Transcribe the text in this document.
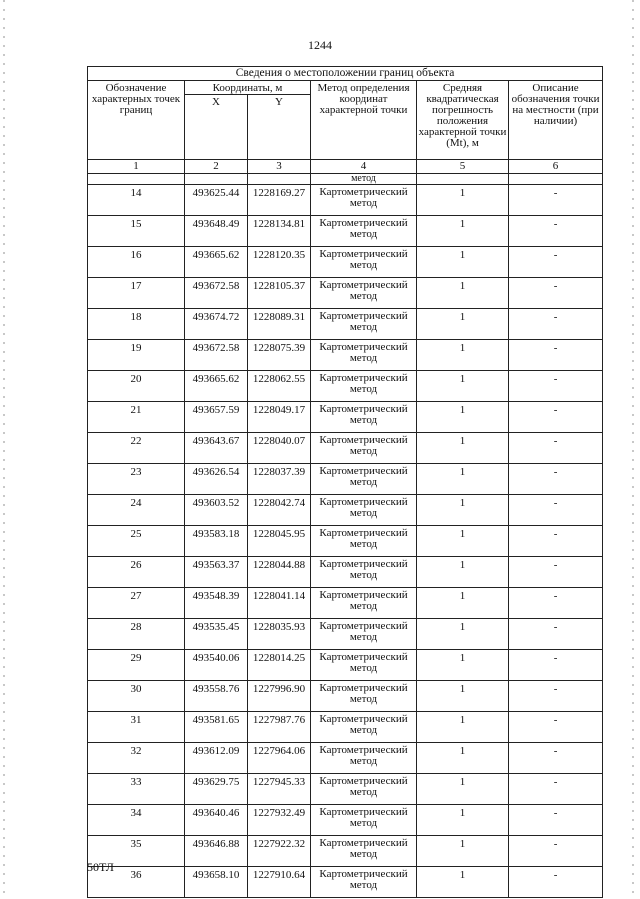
1244
Сведения о местоположении границ объекта					
Обозначение характерных точек границ	Координаты, м		Метод определения координат характерной точки	Средняя квадратическая погрешность положения характерной точки (Mt), м	Описание обозначения точки на местности (при наличии)
	X	Y			
1	2	3	4	5	6
			метод		
14	493625.44	1228169.27	Картометрический метод	1	-
15	493648.49	1228134.81	Картометрический метод	1	-
16	493665.62	1228120.35	Картометрический метод	1	-
17	493672.58	1228105.37	Картометрический метод	1	-
18	493674.72	1228089.31	Картометрический метод	1	-
19	493672.58	1228075.39	Картометрический метод	1	-
20	493665.62	1228062.55	Картометрический метод	1	-
21	493657.59	1228049.17	Картометрический метод	1	-
22	493643.67	1228040.07	Картометрический метод	1	-
23	493626.54	1228037.39	Картометрический метод	1	-
24	493603.52	1228042.74	Картометрический метод	1	-
25	493583.18	1228045.95	Картометрический метод	1	-
26	493563.37	1228044.88	Картометрический метод	1	-
27	493548.39	1228041.14	Картометрический метод	1	-
28	493535.45	1228035.93	Картометрический метод	1	-
29	493540.06	1228014.25	Картометрический метод	1	-
30	493558.76	1227996.90	Картометрический метод	1	-
31	493581.65	1227987.76	Картометрический метод	1	-
32	493612.09	1227964.06	Картометрический метод	1	-
33	493629.75	1227945.33	Картометрический метод	1	-
34	493640.46	1227932.49	Картометрический метод	1	-
35	493646.88	1227922.32	Картометрический метод	1	-
36	493658.10	1227910.64	Картометрический метод	1	-
50ТЛ
